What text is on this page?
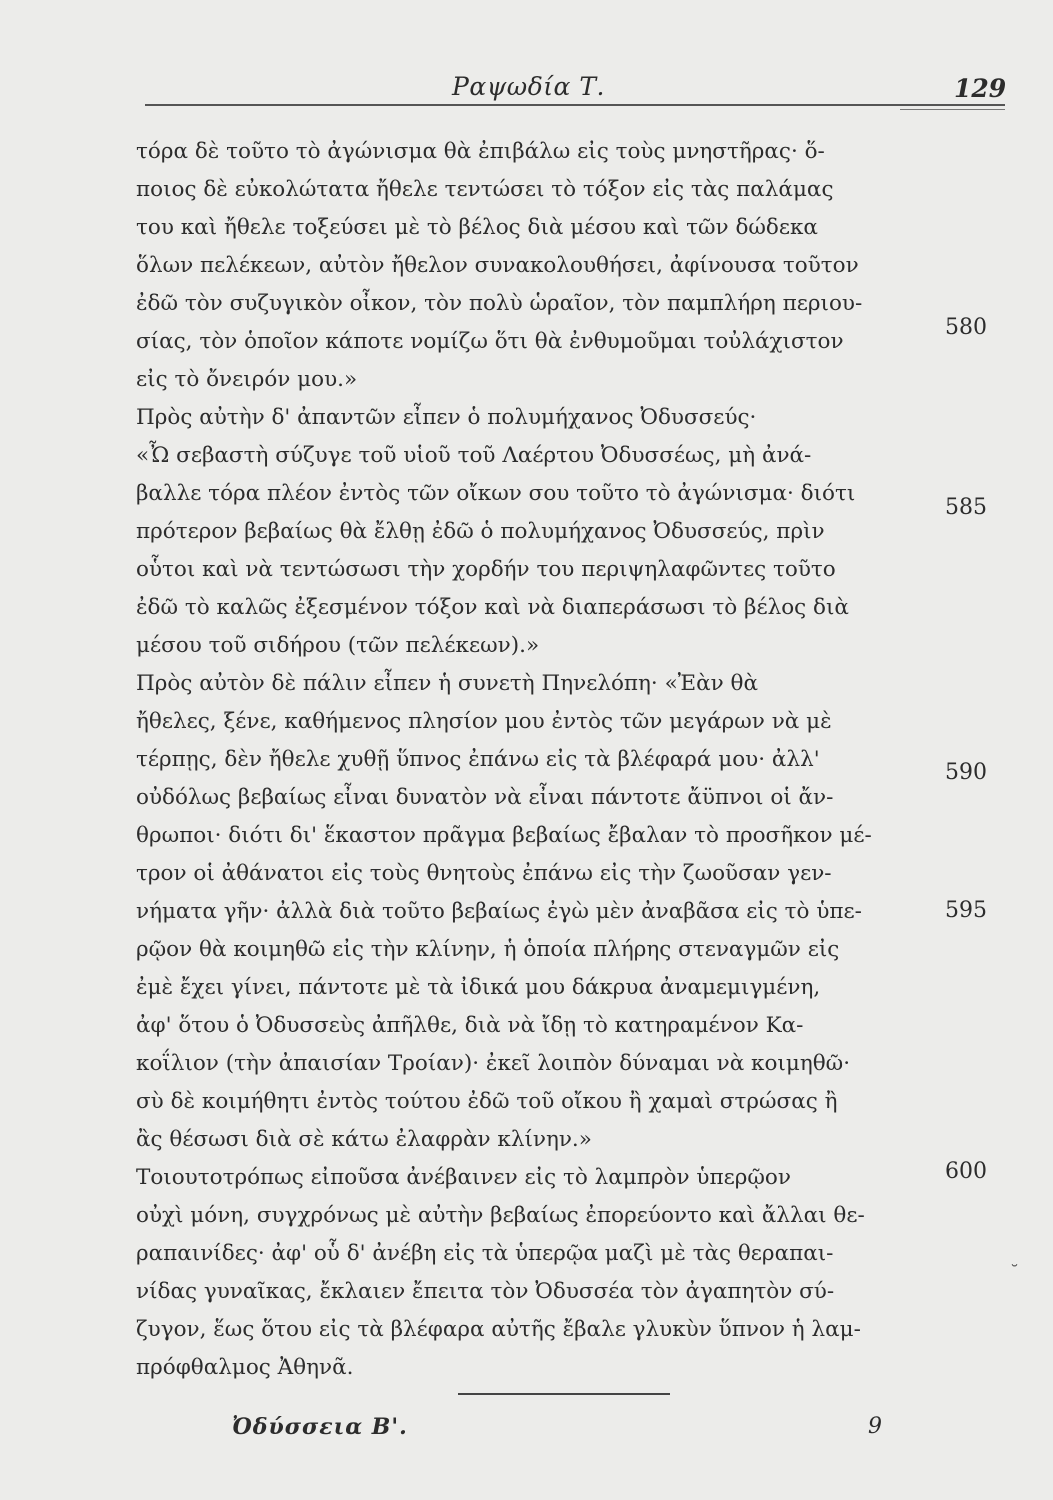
Ραψωδία Τ.	129
τόρα δὲ τοῦτο τὸ ἀγώνισμα θὰ ἐπιβάλω εἰς τοὺς μνηστῆρας· ὅ-
ποιος δὲ εὐκολώτατα ἤθελε τεντώσει τὸ τόξον εἰς τὰς παλάμας
του καὶ ἤθελε τοξεύσει μὲ τὸ βέλος διὰ μέσου καὶ τῶν δώδεκα
ὅλων πελέκεων, αὐτὸν ἤθελον συνακολουθήσει, ἀφίνουσα τοῦτον
ἐδῶ τὸν συζυγικὸν οἶκον, τὸν πολὺ ὡραῖον, τὸν παμπλήρη περιου-
σίας, τὸν ὁποῖον κάποτε νομίζω ὅτι θὰ ἐνθυμοῦμαι τοὐλάχιστον
εἰς τὸ ὄνειρόν μου.»
Πρὸς αὐτὴν δ' ἀπαντῶν εἶπεν ὁ πολυμήχανος Ὀδυσσεύς·
«Ὦ σεβαστὴ σύζυγε τοῦ υἱοῦ τοῦ Λαέρτου Ὀδυσσέως, μὴ ἀνά-
βαλλε τόρα πλέον ἐντὸς τῶν οἴκων σου τοῦτο τὸ ἀγώνισμα· διότι
πρότερον βεβαίως θὰ ἔλθῃ ἐδῶ ὁ πολυμήχανος Ὀδυσσεύς, πρὶν
οὗτοι καὶ νὰ τεντώσωσι τὴν χορδήν του περιψηλαφῶντες τοῦτο
ἐδῶ τὸ καλῶς ἐξεσμένον τόξον καὶ νὰ διαπεράσωσι τὸ βέλος διὰ
μέσου τοῦ σιδήρου (τῶν πελέκεων).»
Πρὸς αὐτὸν δὲ πάλιν εἶπεν ἡ συνετὴ Πηνελόπη· «Ἐὰν θὰ
ἤθελες, ξένε, καθήμενος πλησίον μου ἐντὸς τῶν μεγάρων νὰ μὲ
τέρπῃς, δὲν ἤθελε χυθῇ ὕπνος ἐπάνω εἰς τὰ βλέφαρά μου· ἀλλ'
οὐδόλως βεβαίως εἶναι δυνατὸν νὰ εἶναι πάντοτε ἄϋπνοι οἱ ἄν-
θρωποι· διότι δι' ἕκαστον πρᾶγμα βεβαίως ἔβαλαν τὸ προσῆκον μέ-
τρον οἱ ἀθάνατοι εἰς τοὺς θνητοὺς ἐπάνω εἰς τὴν ζωοῦσαν γεν-
νήματα γῆν· ἀλλὰ διὰ τοῦτο βεβαίως ἐγὼ μὲν ἀναβᾶσα εἰς τὸ ὑπε-
ρῷον θὰ κοιμηθῶ εἰς τὴν κλίνην, ἡ ὁποία πλήρης στεναγμῶν εἰς
ἐμὲ ἔχει γίνει, πάντοτε μὲ τὰ ἰδικά μου δάκρυα ἀναμεμιγμένη,
ἀφ' ὅτου ὁ Ὀδυσσεὺς ἀπῆλθε, διὰ νὰ ἴδῃ τὸ κατηραμένον Κα-
κοΐλιον (τὴν ἀπαισίαν Τροίαν)· ἐκεῖ λοιπὸν δύναμαι νὰ κοιμηθῶ·
σὺ δὲ κοιμήθητι ἐντὸς τούτου ἐδῶ τοῦ οἴκου ἢ χαμαὶ στρώσας ἢ
ἂς θέσωσι διὰ σὲ κάτω ἐλαφρὰν κλίνην.»
Τοιουτοτρόπως εἰποῦσα ἀνέβαινεν εἰς τὸ λαμπρὸν ὑπερῷον
οὐχὶ μόνη, συγχρόνως μὲ αὐτὴν βεβαίως ἐπορεύοντο καὶ ἄλλαι θε-
ραπαινίδες· ἀφ' οὗ δ' ἀνέβη εἰς τὰ ὑπερῷα μαζὶ μὲ τὰς θεραπαι-
νίδας γυναῖκας, ἔκλαιεν ἔπειτα τὸν Ὀδυσσέα τὸν ἀγαπητὸν σύ-
ζυγον, ἕως ὅτου εἰς τὰ βλέφαρα αὐτῆς ἔβαλε γλυκὺν ὕπνον ἡ λαμ-
πρόφθαλμος Ἀθηνᾶ.
580
585
590
595
600
˘
Ὀδύσσεια Β'.	9
